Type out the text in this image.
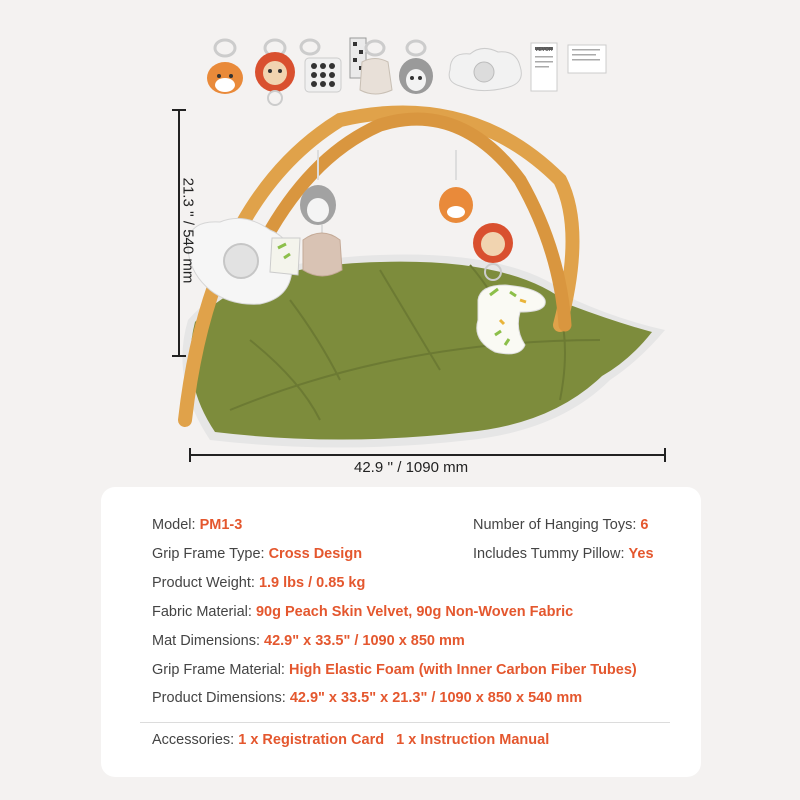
21.3 '' / 540 mm
42.9 '' / 1090 mm
Model: PM1-3	Number of Hanging Toys: 6
Grip Frame Type: Cross Design	Includes Tummy Pillow: Yes
Product Weight: 1.9 lbs / 0.85 kg
Fabric Material: 90g Peach Skin Velvet, 90g Non-Woven Fabric
Mat Dimensions: 42.9" x 33.5" / 1090 x 850 mm
Grip Frame Material: High Elastic Foam (with Inner Carbon Fiber Tubes)
Product Dimensions: 42.9" x 33.5" x 21.3" / 1090 x 850 x 540 mm
Accessories: 1 x Registration Card   1 x Instruction Manual
VEVOR
